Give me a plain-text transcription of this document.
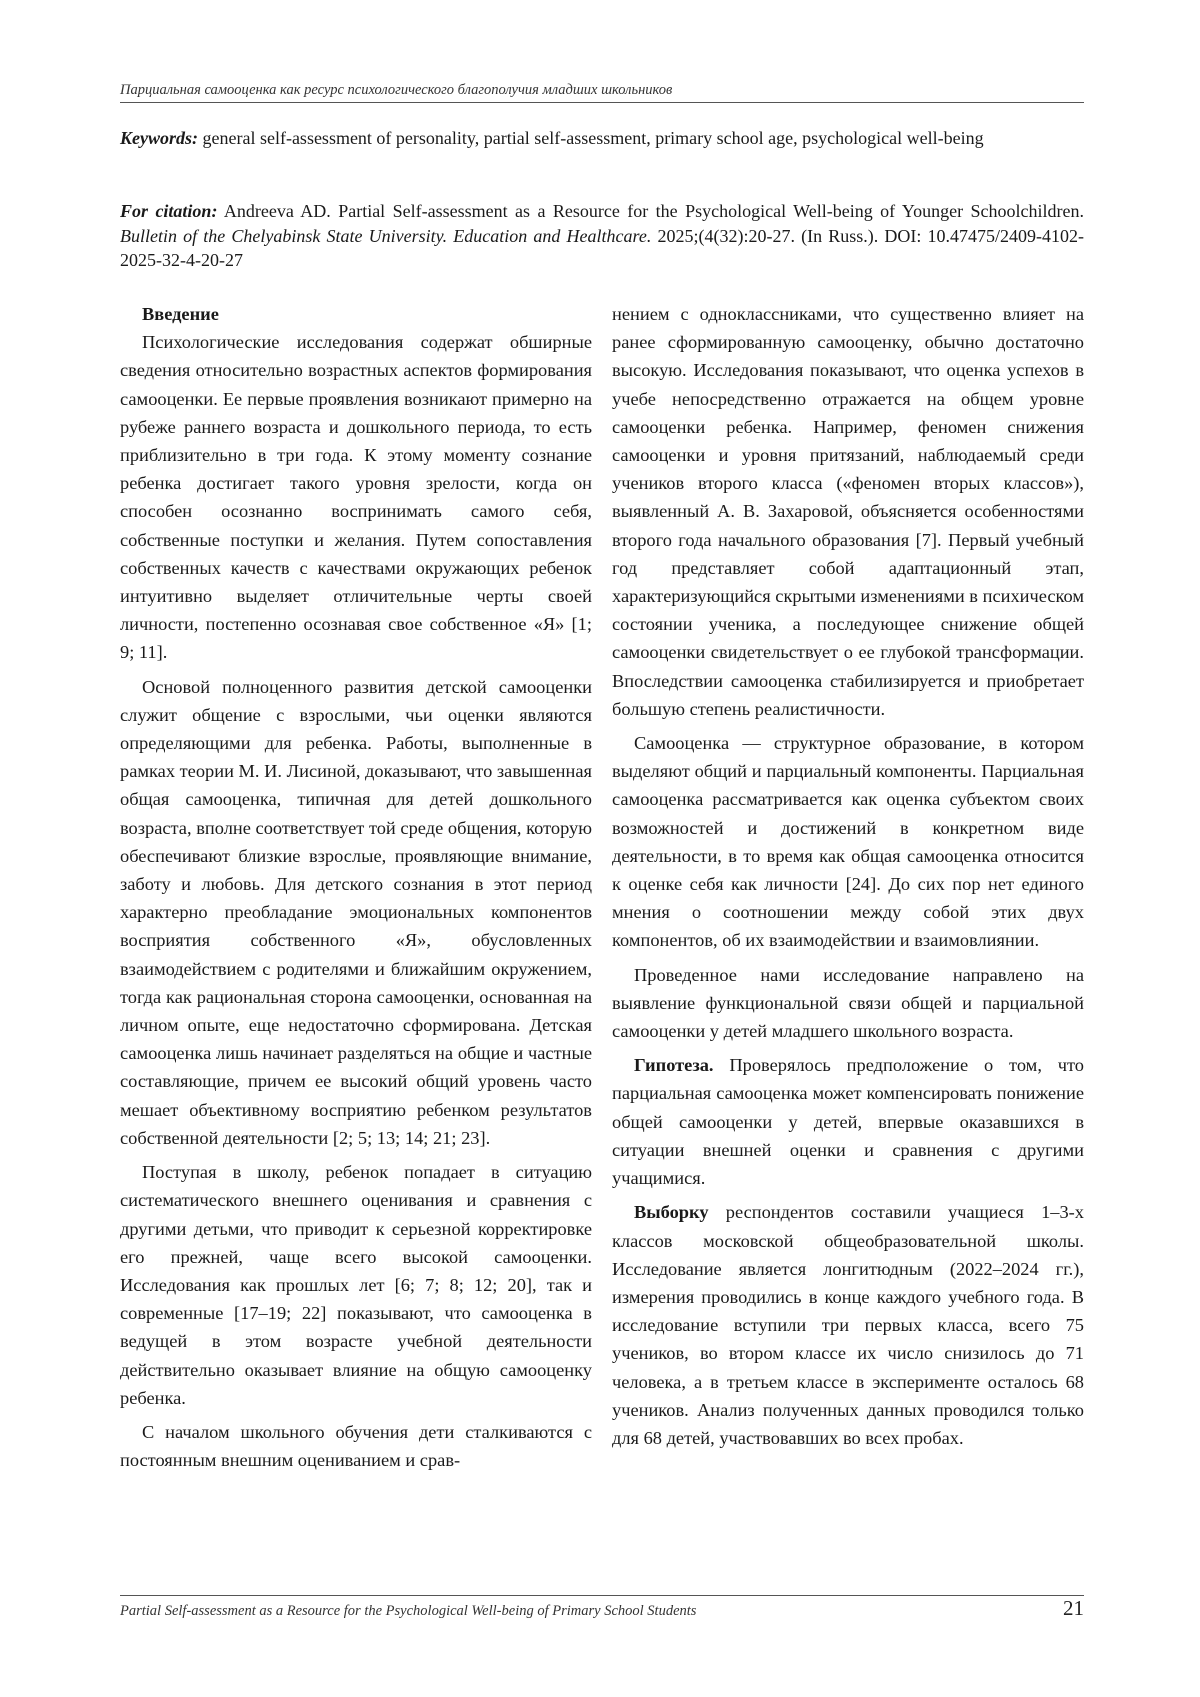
Парциальная самооценка как ресурс психологического благополучия младших школьников
Keywords: general self-assessment of personality, partial self-assessment, primary school age, psychological well-being
For citation: Andreeva AD. Partial Self-assessment as a Resource for the Psychological Well-being of Younger Schoolchildren. Bulletin of the Chelyabinsk State University. Education and Healthcare. 2025;(4(32):20-27. (In Russ.). DOI: 10.47475/2409-4102-2025-32-4-20-27
Введение

Психологические исследования содержат обширные сведения относительно возрастных аспектов формирования самооценки. Ее первые проявления возникают примерно на рубеже раннего возраста и дошкольного периода, то есть приблизительно в три года. К этому моменту сознание ребенка достигает такого уровня зрелости, когда он способен осознанно воспринимать самого себя, собственные поступки и желания. Путем сопоставления собственных качеств с качествами окружающих ребенок интуитивно выделяет отличительные черты своей личности, постепенно осознавая свое собственное «Я» [1; 9; 11].

Основой полноценного развития детской самооценки служит общение с взрослыми, чьи оценки являются определяющими для ребенка. Работы, выполненные в рамках теории М. И. Лисиной, доказывают, что завышенная общая самооценка, типичная для детей дошкольного возраста, вполне соответствует той среде общения, которую обеспечивают близкие взрослые, проявляющие внимание, заботу и любовь. Для детского сознания в этот период характерно преобладание эмоциональных компонентов восприятия собственного «Я», обусловленных взаимодействием с родителями и ближайшим окружением, тогда как рациональная сторона самооценки, основанная на личном опыте, еще недостаточно сформирована. Детская самооценка лишь начинает разделяться на общие и частные составляющие, причем ее высокий общий уровень часто мешает объективному восприятию ребенком результатов собственной деятельности [2; 5; 13; 14; 21; 23].

Поступая в школу, ребенок попадает в ситуацию систематического внешнего оценивания и сравнения с другими детьми, что приводит к серьезной корректировке его прежней, чаще всего высокой самооценки. Исследования как прошлых лет [6; 7; 8; 12; 20], так и современные [17–19; 22] показывают, что самооценка в ведущей в этом возрасте учебной деятельности действительно оказывает влияние на общую самооценку ребенка.

С началом школьного обучения дети сталкиваются с постоянным внешним оцениванием и срав-

нением с одноклассниками, что существенно влияет на ранее сформированную самооценку, обычно достаточно высокую. Исследования показывают, что оценка успехов в учебе непосредственно отражается на общем уровне самооценки ребенка. Например, феномен снижения самооценки и уровня притязаний, наблюдаемый среди учеников второго класса («феномен вторых классов»), выявленный А. В. Захаровой, объясняется особенностями второго года начального образования [7]. Первый учебный год представляет собой адаптационный этап, характеризующийся скрытыми изменениями в психическом состоянии ученика, а последующее снижение общей самооценки свидетельствует о ее глубокой трансформации. Впоследствии самооценка стабилизируется и приобретает большую степень реалистичности.

Самооценка — структурное образование, в котором выделяют общий и парциальный компоненты. Парциальная самооценка рассматривается как оценка субъектом своих возможностей и достижений в конкретном виде деятельности, в то время как общая самооценка относится к оценке себя как личности [24]. До сих пор нет единого мнения о соотношении между собой этих двух компонентов, об их взаимодействии и взаимовлиянии.

Проведенное нами исследование направлено на выявление функциональной связи общей и парциальной самооценки у детей младшего школьного возраста.

Гипотеза. Проверялось предположение о том, что парциальная самооценка может компенсировать понижение общей самооценки у детей, впервые оказавшихся в ситуации внешней оценки и сравнения с другими учащимися.

Выборку респондентов составили учащиеся 1–3-х классов московской общеобразовательной школы. Исследование является лонгитюдным (2022–2024 гг.), измерения проводились в конце каждого учебного года. В исследование вступили три первых класса, всего 75 учеников, во втором классе их число снизилось до 71 человека, а в третьем классе в эксперименте осталось 68 учеников. Анализ полученных данных проводился только для 68 детей, участвовавших во всех пробах.

Partial Self-assessment as a Resource for the Psychological Well-being of Primary School Students	21
